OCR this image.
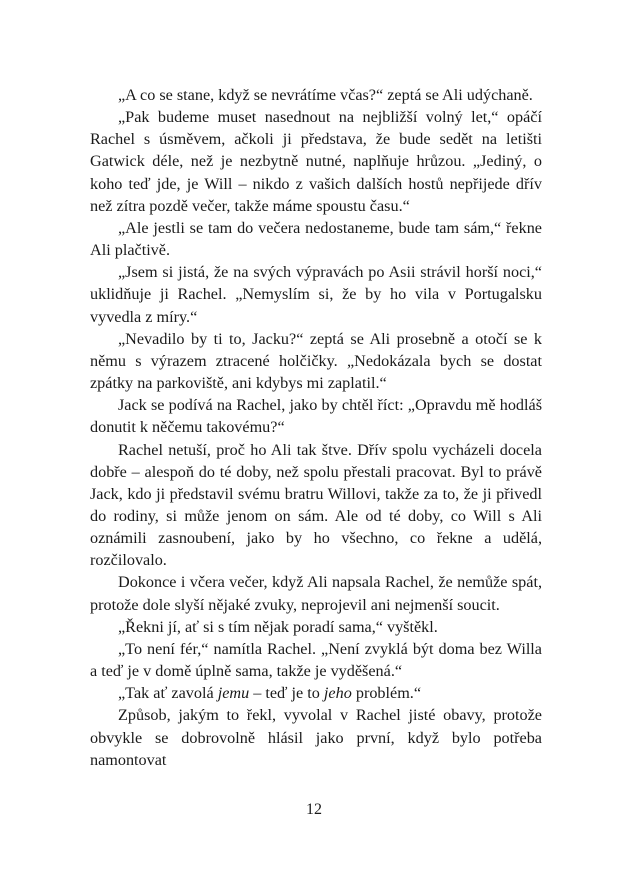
„A co se stane, když se nevrátíme včas?“ zeptá se Ali udýchaně.

„Pak budeme muset nasednout na nejbližší volný let,“ opáčí Rachel s úsměvem, ačkoli ji představa, že bude sedět na letišti Gatwick déle, než je nezbytně nutné, naplňuje hrůzou. „Jediný, o koho teď jde, je Will – nikdo z vašich dalších hostů nepřijede dřív než zítra pozdě večer, takže máme spoustu času.“

„Ale jestli se tam do večera nedostaneme, bude tam sám,“ řekne Ali plačtivě.

„Jsem si jistá, že na svých výpravách po Asii strávil horší noci,“ uklidňuje ji Rachel. „Nemyslím si, že by ho vila v Portugalsku vyvedla z míry.“

„Nevadilo by ti to, Jacku?“ zeptá se Ali prosebně a otočí se k němu s výrazem ztracené holčičky. „Nedokázala bych se dostat zpátky na parkoviště, ani kdybys mi zaplatil.“

Jack se podívá na Rachel, jako by chtěl říct: „Opravdu mě hodláš donutit k něčemu takovému?“

Rachel netuší, proč ho Ali tak štve. Dřív spolu vycházeli docela dobře – alespoň do té doby, než spolu přestali pracovat. Byl to právě Jack, kdo ji představil svému bratru Willovi, takže za to, že ji přivedl do rodiny, si může jenom on sám. Ale od té doby, co Will s Ali oznámili zasnoubení, jako by ho všechno, co řekne a udělá, rozčilovalo.

Dokonce i včera večer, když Ali napsala Rachel, že nemůže spát, protože dole slyší nějaké zvuky, neprojevil ani nejmenší soucit.

„Řekni jí, ať si s tím nějak poradí sama,“ vyštěkl.

„To není fér,“ namítla Rachel. „Není zvyklá být doma bez Willa a teď je v domě úplně sama, takže je vyděšená.“

„Tak ať zavolá jemu – teď je to jeho problém.“

Způsob, jakým to řekl, vyvolal v Rachel jisté obavy, protože obvykle se dobrovolně hlásil jako první, když bylo potřeba namontovat

12
